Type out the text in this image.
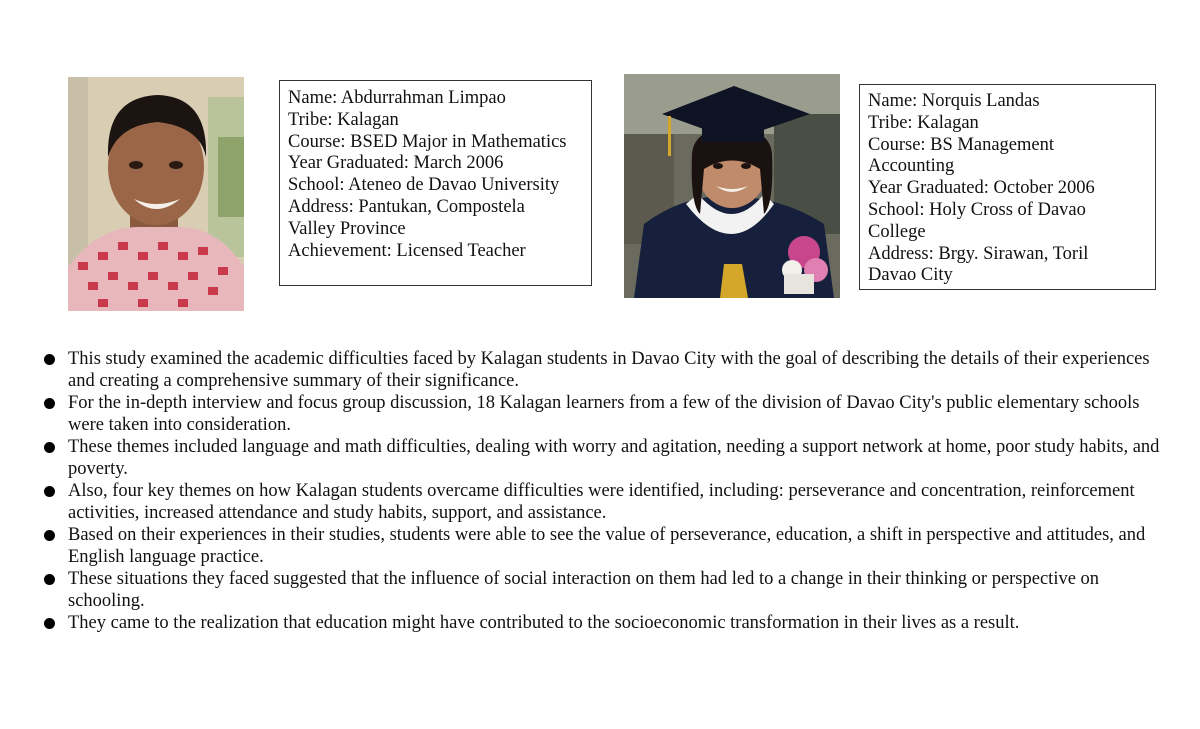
Name: Abdurrahman Limpao
Tribe: Kalagan
Course: BSED Major in Mathematics
Year Graduated: March 2006
School: Ateneo de Davao University
Address: Pantukan, Compostela
Valley Province
Achievement: Licensed Teacher
Name: Norquis Landas
Tribe: Kalagan
Course: BS Management
Accounting
Year Graduated: October 2006
School: Holy Cross of Davao
College
Address: Brgy. Sirawan, Toril
Davao City
This study examined the academic difficulties faced by Kalagan students in Davao City with the goal of describing the details of their experiences and creating a comprehensive summary of their significance.
For the in-depth interview and focus group discussion, 18 Kalagan learners from a few of the division of Davao City's public elementary schools were taken into consideration.
These themes included language and math difficulties, dealing with worry and agitation, needing a support network at home, poor study habits, and poverty.
Also, four key themes on how Kalagan students overcame difficulties were identified, including: perseverance and concentration, reinforcement activities, increased attendance and study habits, support, and assistance.
Based on their experiences in their studies, students were able to see the value of perseverance, education, a shift in perspective and attitudes, and English language practice.
These situations they faced suggested that the influence of social interaction on them had led to a change in their thinking or perspective on schooling.
They came to the realization that education might have contributed to the socioeconomic transformation in their lives as a result.
